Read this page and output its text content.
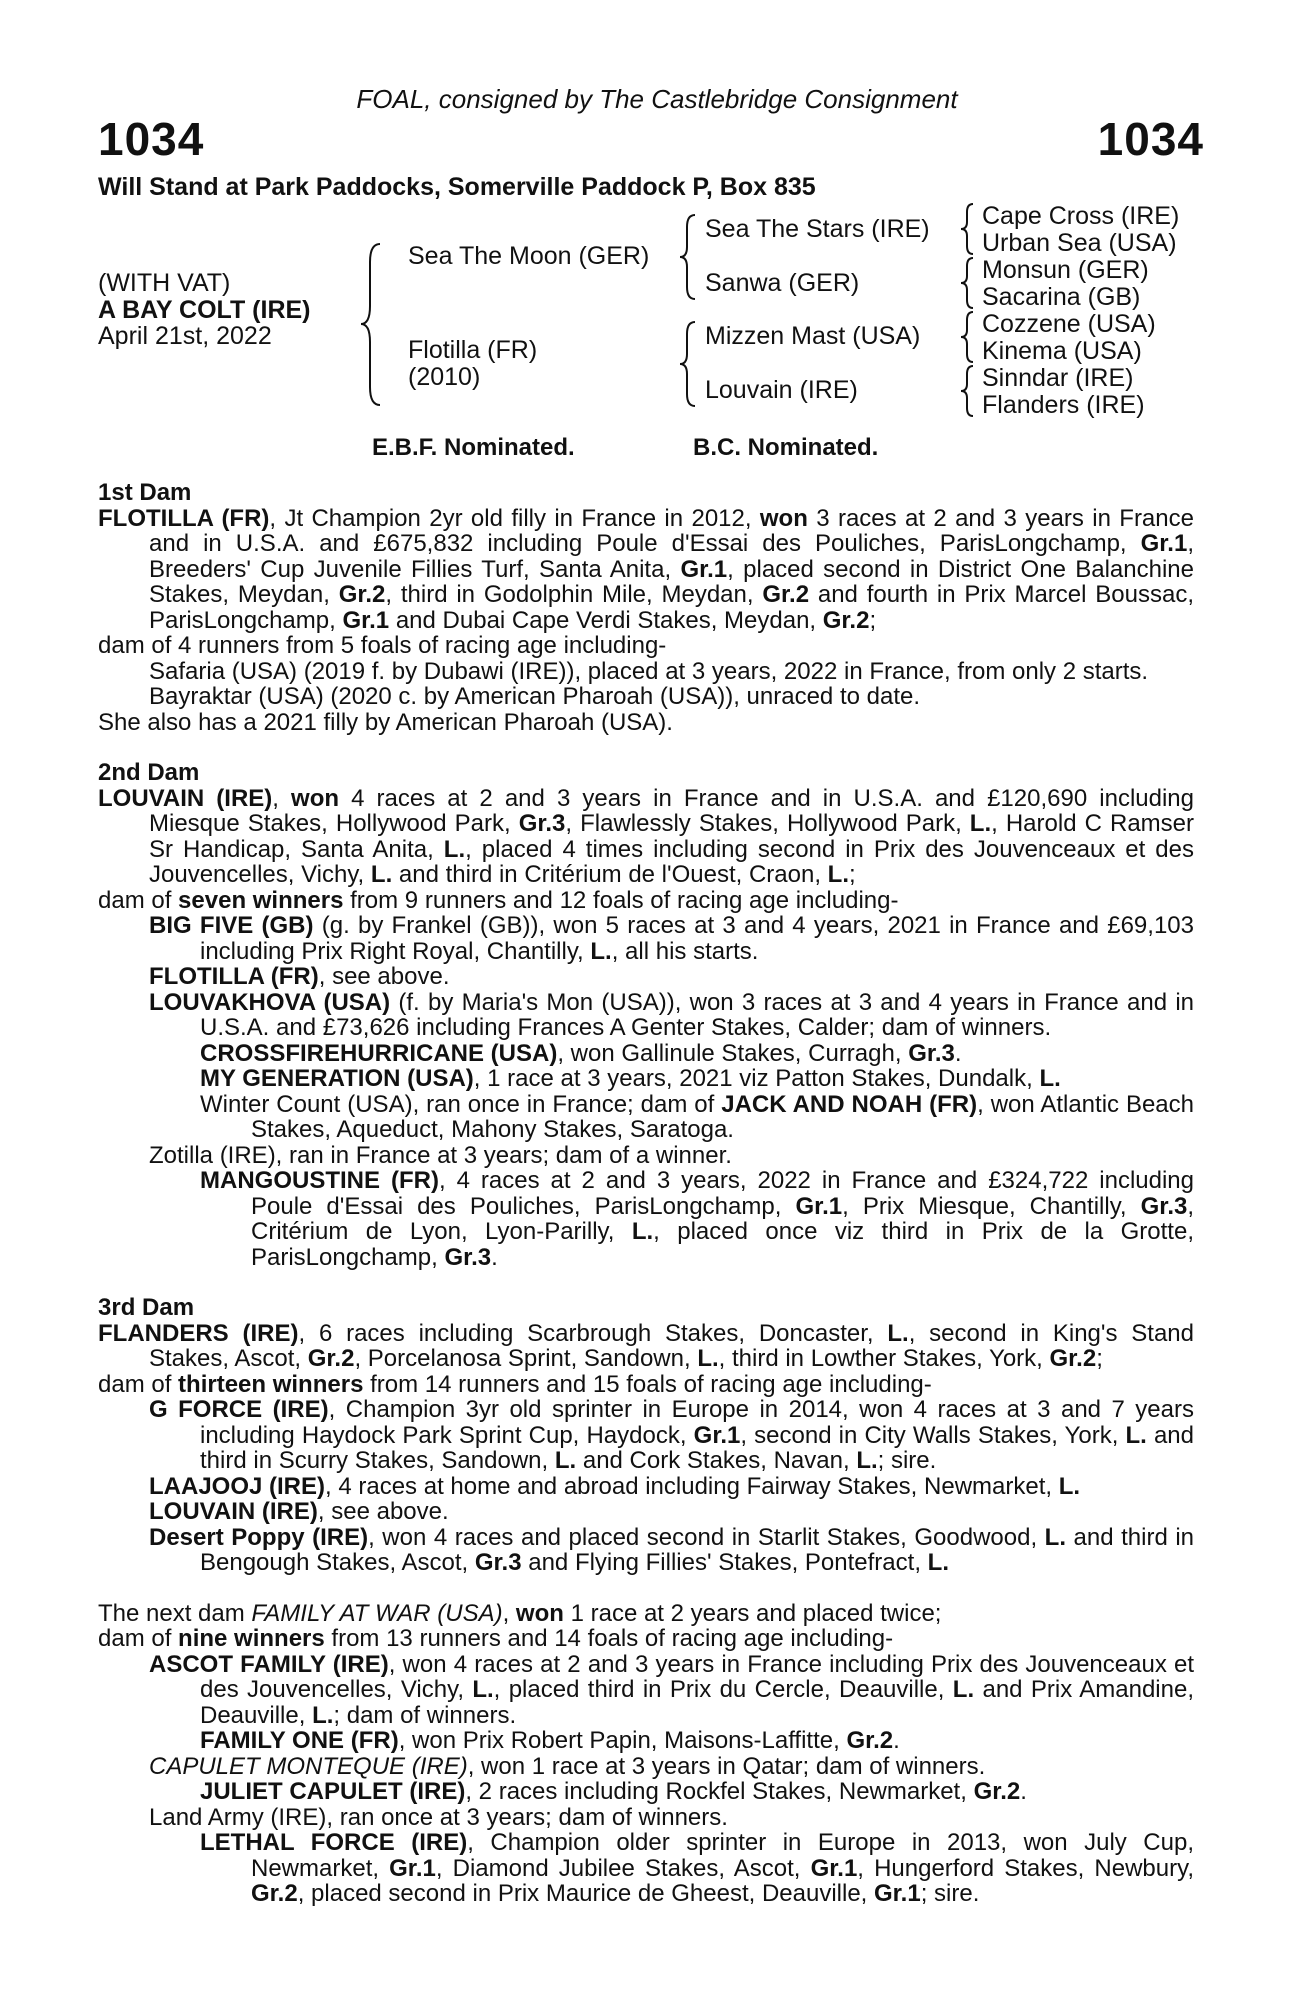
FOAL, consigned by The Castlebridge Consignment
1034	1034
Will Stand at Park Paddocks, Somerville Paddock P, Box 835
(WITH VAT)
A BAY COLT (IRE)
April 21st, 2022
Sea The Moon (GER)
Flotilla (FR)
(2010)
Sea The Stars (IRE)
Sanwa (GER)
Mizzen Mast (USA)
Louvain (IRE)
Cape Cross (IRE)
Urban Sea (USA)
Monsun (GER)
Sacarina (GB)
Cozzene (USA)
Kinema (USA)
Sinndar (IRE)
Flanders (IRE)
E.B.F. Nominated.	B.C. Nominated.

1st Dam

FLOTILLA (FR), Jt Champion 2yr old filly in France in 2012, won 3 races at 2 and 3 years in France and in U.S.A. and £675,832 including Poule d'Essai des Pouliches, ParisLongchamp, Gr.1, Breeders' Cup Juvenile Fillies Turf, Santa Anita, Gr.1, placed second in District One Balanchine Stakes, Meydan, Gr.2, third in Godolphin Mile, Meydan, Gr.2 and fourth in Prix Marcel Boussac, ParisLongchamp, Gr.1 and Dubai Cape Verdi Stakes, Meydan, Gr.2;

dam of 4 runners from 5 foals of racing age including-

Safaria (USA) (2019 f. by Dubawi (IRE)), placed at 3 years, 2022 in France, from only 2 starts.

Bayraktar (USA) (2020 c. by American Pharoah (USA)), unraced to date.

She also has a 2021 filly by American Pharoah (USA).

2nd Dam

LOUVAIN (IRE), won 4 races at 2 and 3 years in France and in U.S.A. and £120,690 including Miesque Stakes, Hollywood Park, Gr.3, Flawlessly Stakes, Hollywood Park, L., Harold C Ramser Sr Handicap, Santa Anita, L., placed 4 times including second in Prix des Jouvenceaux et des Jouvencelles, Vichy, L. and third in Critérium de l'Ouest, Craon, L.;

dam of seven winners from 9 runners and 12 foals of racing age including-

BIG FIVE (GB) (g. by Frankel (GB)), won 5 races at 3 and 4 years, 2021 in France and £69,103 including Prix Right Royal, Chantilly, L., all his starts.

FLOTILLA (FR), see above.

LOUVAKHOVA (USA) (f. by Maria's Mon (USA)), won 3 races at 3 and 4 years in France and in U.S.A. and £73,626 including Frances A Genter Stakes, Calder; dam of winners.

CROSSFIREHURRICANE (USA), won Gallinule Stakes, Curragh, Gr.3.

MY GENERATION (USA), 1 race at 3 years, 2021 viz Patton Stakes, Dundalk, L.

Winter Count (USA), ran once in France; dam of JACK AND NOAH (FR), won Atlantic Beach Stakes, Aqueduct, Mahony Stakes, Saratoga.

Zotilla (IRE), ran in France at 3 years; dam of a winner.

MANGOUSTINE (FR), 4 races at 2 and 3 years, 2022 in France and £324,722 including Poule d'Essai des Pouliches, ParisLongchamp, Gr.1, Prix Miesque, Chantilly, Gr.3, Critérium de Lyon, Lyon-Parilly, L., placed once viz third in Prix de la Grotte, ParisLongchamp, Gr.3.

3rd Dam

FLANDERS (IRE), 6 races including Scarbrough Stakes, Doncaster, L., second in King's Stand Stakes, Ascot, Gr.2, Porcelanosa Sprint, Sandown, L., third in Lowther Stakes, York, Gr.2;

dam of thirteen winners from 14 runners and 15 foals of racing age including-

G FORCE (IRE), Champion 3yr old sprinter in Europe in 2014, won 4 races at 3 and 7 years including Haydock Park Sprint Cup, Haydock, Gr.1, second in City Walls Stakes, York, L. and third in Scurry Stakes, Sandown, L. and Cork Stakes, Navan, L.; sire.

LAAJOOJ (IRE), 4 races at home and abroad including Fairway Stakes, Newmarket, L.

LOUVAIN (IRE), see above.

Desert Poppy (IRE), won 4 races and placed second in Starlit Stakes, Goodwood, L. and third in Bengough Stakes, Ascot, Gr.3 and Flying Fillies' Stakes, Pontefract, L.

The next dam FAMILY AT WAR (USA), won 1 race at 2 years and placed twice;

dam of nine winners from 13 runners and 14 foals of racing age including-

ASCOT FAMILY (IRE), won 4 races at 2 and 3 years in France including Prix des Jouvenceaux et des Jouvencelles, Vichy, L., placed third in Prix du Cercle, Deauville, L. and Prix Amandine, Deauville, L.; dam of winners.

FAMILY ONE (FR), won Prix Robert Papin, Maisons-Laffitte, Gr.2.

CAPULET MONTEQUE (IRE), won 1 race at 3 years in Qatar; dam of winners.

JULIET CAPULET (IRE), 2 races including Rockfel Stakes, Newmarket, Gr.2.

Land Army (IRE), ran once at 3 years; dam of winners.

LETHAL FORCE (IRE), Champion older sprinter in Europe in 2013, won July Cup, Newmarket, Gr.1, Diamond Jubilee Stakes, Ascot, Gr.1, Hungerford Stakes, Newbury, Gr.2, placed second in Prix Maurice de Gheest, Deauville, Gr.1; sire.
